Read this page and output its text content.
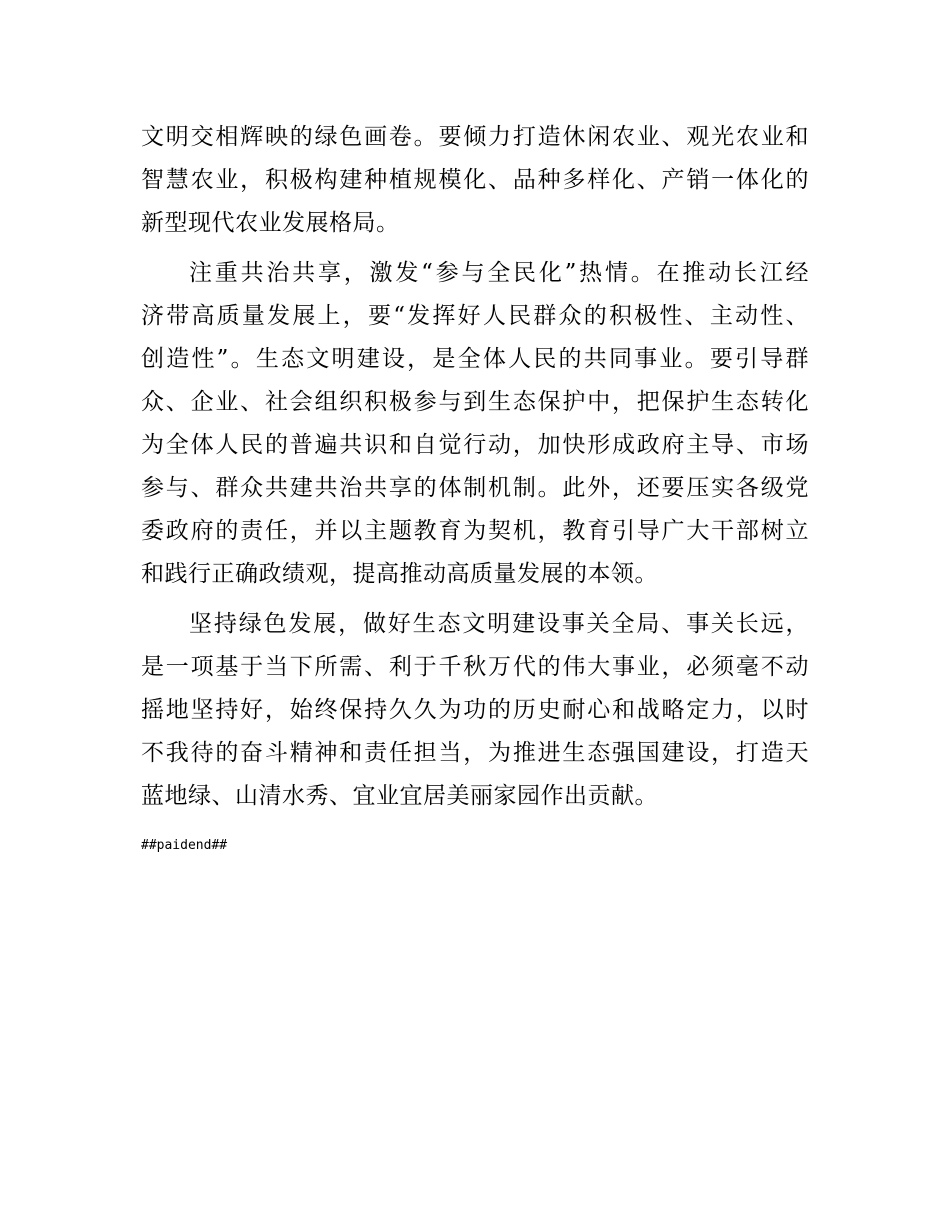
文明交相辉映的绿色画卷。要倾力打造休闲农业、观光农业和
智慧农业，积极构建种植规模化、品种多样化、产销一体化的
新型现代农业发展格局。
注重共治共享，激发“参与全民化”热情。在推动长江经
济带高质量发展上，要“发挥好人民群众的积极性、主动性、
创造性”。生态文明建设，是全体人民的共同事业。要引导群
众、企业、社会组织积极参与到生态保护中，把保护生态转化
为全体人民的普遍共识和自觉行动，加快形成政府主导、市场
参与、群众共建共治共享的体制机制。此外，还要压实各级党
委政府的责任，并以主题教育为契机，教育引导广大干部树立
和践行正确政绩观，提高推动高质量发展的本领。
坚持绿色发展，做好生态文明建设事关全局、事关长远，
是一项基于当下所需、利于千秋万代的伟大事业，必须毫不动
摇地坚持好，始终保持久久为功的历史耐心和战略定力，以时
不我待的奋斗精神和责任担当，为推进生态强国建设，打造天
蓝地绿、山清水秀、宜业宜居美丽家园作出贡献。
##paidend##
